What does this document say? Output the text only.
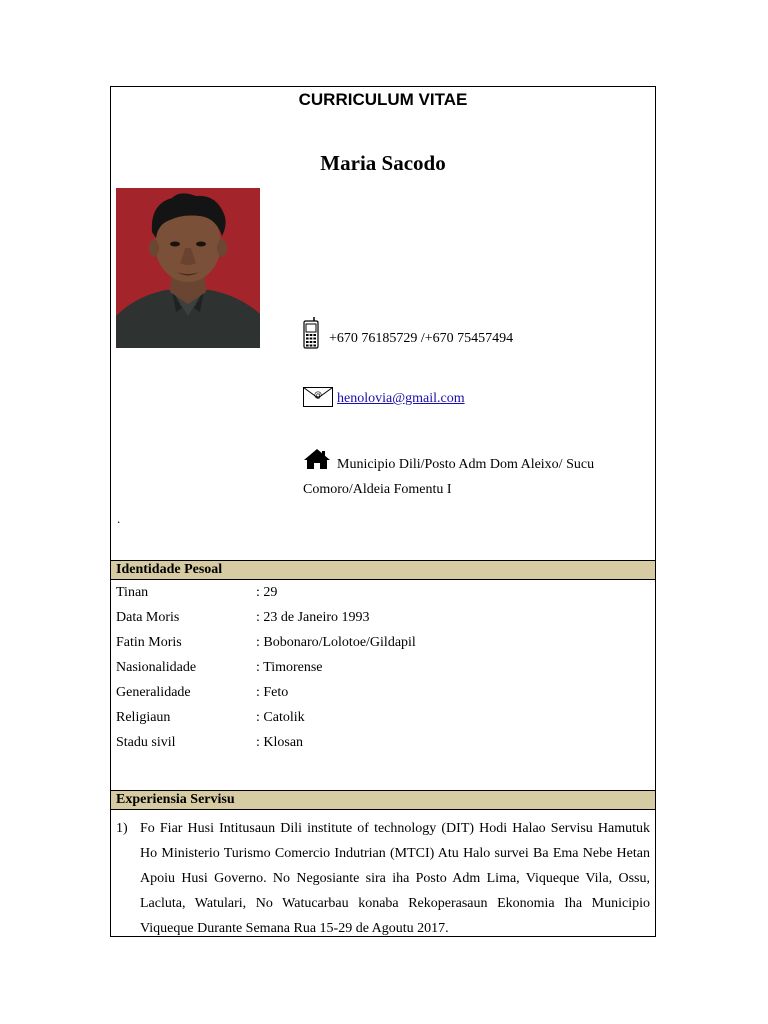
CURRICULUM VITAE
Maria Sacodo
+670 76185729 /+670 75457494
@ henolovia@gmail.com
Municipio Dili/Posto Adm Dom Aleixo/ Sucu Comoro/Aldeia Fomentu I
.
Identidade Pesoal
Tinan	: 29
Data Moris	: 23 de Janeiro 1993
Fatin Moris	: Bobonaro/Lolotoe/Gildapil
Nasionalidade	: Timorense
Generalidade	: Feto
Religiaun	: Catolik
Stadu sivil	: Klosan
Experiensia Servisu
1) Fo Fiar Husi Intitusaun Dili institute of technology (DIT) Hodi Halao Servisu Hamutuk Ho Ministerio Turismo Comercio Indutrian (MTCI) Atu Halo survei Ba Ema Nebe Hetan Apoiu Husi Governo. No Negosiante sira iha Posto Adm Lima, Viqueque Vila, Ossu, Lacluta, Watulari, No Watucarbau konaba Rekoperasaun Ekonomia Iha Municipio Viqueque Durante Semana Rua 15-29 de Agoutu 2017.
